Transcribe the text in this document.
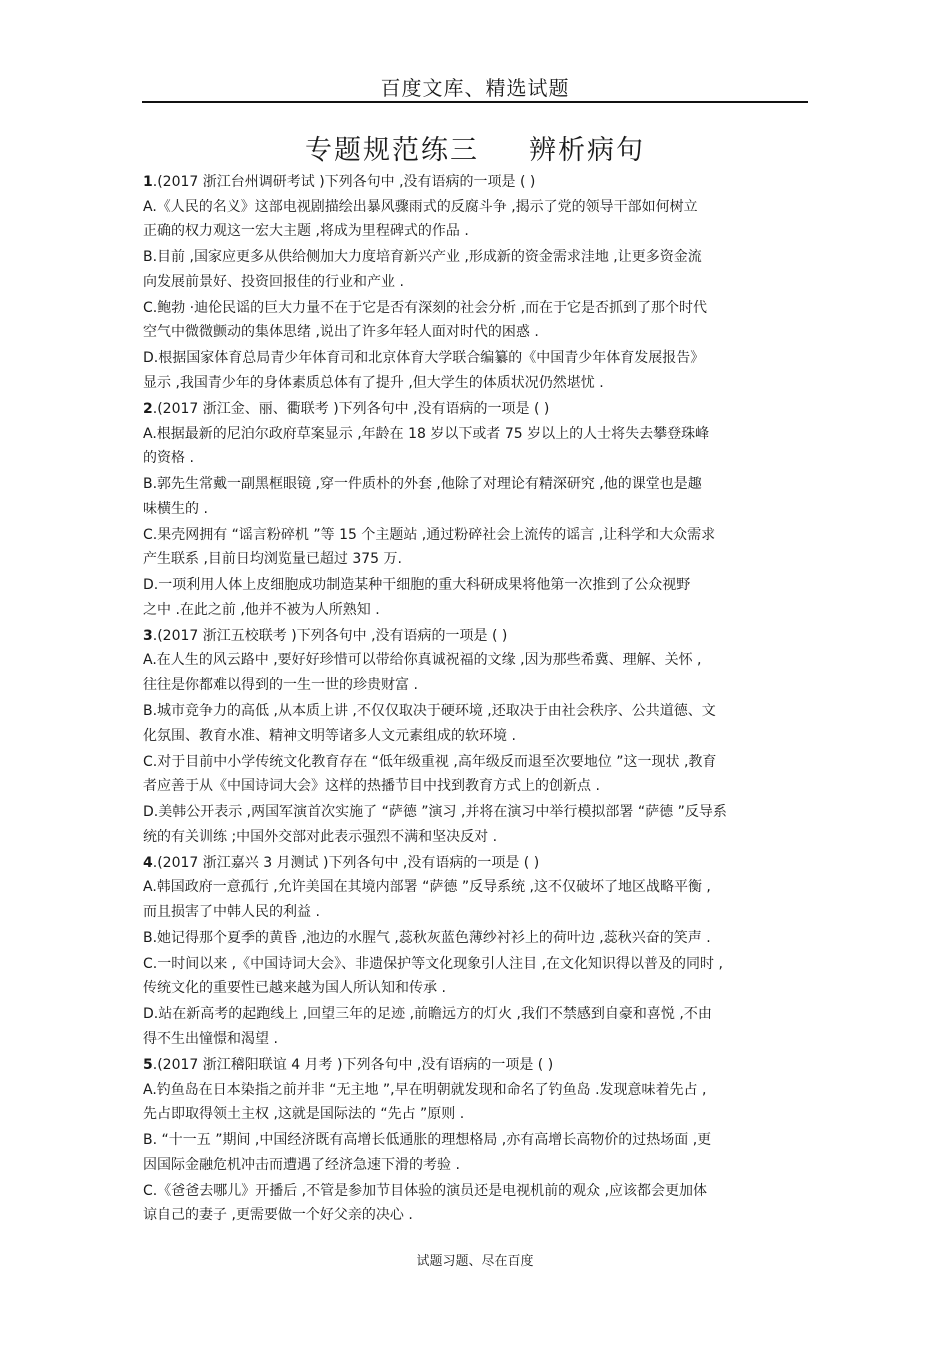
百度文库、精选试题
专题规范练三 辨析病句
1.(2017 浙江台州调研考试 )下列各句中 ,没有语病的一项是 ( )
A.《人民的名义》这部电视剧描绘出暴风骤雨式的反腐斗争 ,揭示了党的领导干部如何树立
正确的权力观这一宏大主题 ,将成为里程碑式的作品 .
B.目前 ,国家应更多从供给侧加大力度培育新兴产业 ,形成新的资金需求洼地 ,让更多资金流
向发展前景好、投资回报佳的行业和产业 .
C.鲍勃 ·迪伦民谣的巨大力量不在于它是否有深刻的社会分析 ,而在于它是否抓到了那个时代
空气中微微颤动的集体思绪 ,说出了许多年轻人面对时代的困惑 .
D.根据国家体育总局青少年体育司和北京体育大学联合编纂的《中国青少年体育发展报告》
显示 ,我国青少年的身体素质总体有了提升 ,但大学生的体质状况仍然堪忧 .
2.(2017 浙江金、丽、衢联考 )下列各句中 ,没有语病的一项是 ( )
A.根据最新的尼泊尔政府草案显示 ,年龄在 18 岁以下或者 75 岁以上的人士将失去攀登珠峰
的资格 .
B.郭先生常戴一副黑框眼镜 ,穿一件质朴的外套 ,他除了对理论有精深研究 ,他的课堂也是趣
味横生的 .
C.果壳网拥有 “谣言粉碎机 ”等 15 个主题站 ,通过粉碎社会上流传的谣言 ,让科学和大众需求
产生联系 ,目前日均浏览量已超过 375 万.
D.一项利用人体上皮细胞成功制造某种干细胞的重大科研成果将他第一次推到了公众视野
之中 .在此之前 ,他并不被为人所熟知 .
3.(2017 浙江五校联考 )下列各句中 ,没有语病的一项是 ( )
A.在人生的风云路中 ,要好好珍惜可以带给你真诚祝福的文缘 ,因为那些希冀、理解、关怀 ,
往往是你都难以得到的一生一世的珍贵财富 .
B.城市竞争力的高低 ,从本质上讲 ,不仅仅取决于硬环境 ,还取决于由社会秩序、公共道德、文
化氛围、教育水准、精神文明等诸多人文元素组成的软环境 .
C.对于目前中小学传统文化教育存在 “低年级重视 ,高年级反而退至次要地位 ”这一现状 ,教育
者应善于从《中国诗词大会》这样的热播节目中找到教育方式上的创新点 .
D.美韩公开表示 ,两国军演首次实施了 “萨德 ”演习 ,并将在演习中举行模拟部署 “萨德 ”反导系
统的有关训练 ;中国外交部对此表示强烈不满和坚决反对 .
4.(2017 浙江嘉兴 3 月测试 )下列各句中 ,没有语病的一项是 ( )
A.韩国政府一意孤行 ,允许美国在其境内部署 “萨德 ”反导系统 ,这不仅破坏了地区战略平衡 ,
而且损害了中韩人民的利益 .
B.她记得那个夏季的黄昏 ,池边的水腥气 ,蕊秋灰蓝色薄纱衬衫上的荷叶边 ,蕊秋兴奋的笑声 .
C.一时间以来 ,《中国诗词大会》、非遗保护等文化现象引人注目 ,在文化知识得以普及的同时 ,
传统文化的重要性已越来越为国人所认知和传承 .
D.站在新高考的起跑线上 ,回望三年的足迹 ,前瞻远方的灯火 ,我们不禁感到自豪和喜悦 ,不由
得不生出憧憬和渴望 .
5.(2017 浙江稽阳联谊 4 月考 )下列各句中 ,没有语病的一项是 ( )
A.钓鱼岛在日本染指之前并非 “无主地 ”,早在明朝就发现和命名了钓鱼岛 .发现意味着先占 ,
先占即取得领土主权 ,这就是国际法的 “先占 ”原则 .
B. “十一五 ”期间 ,中国经济既有高增长低通胀的理想格局 ,亦有高增长高物价的过热场面 ,更
因国际金融危机冲击而遭遇了经济急速下滑的考验 .
C.《爸爸去哪儿》开播后 ,不管是参加节目体验的演员还是电视机前的观众 ,应该都会更加体
谅自己的妻子 ,更需要做一个好父亲的决心 .
试题习题、尽在百度
